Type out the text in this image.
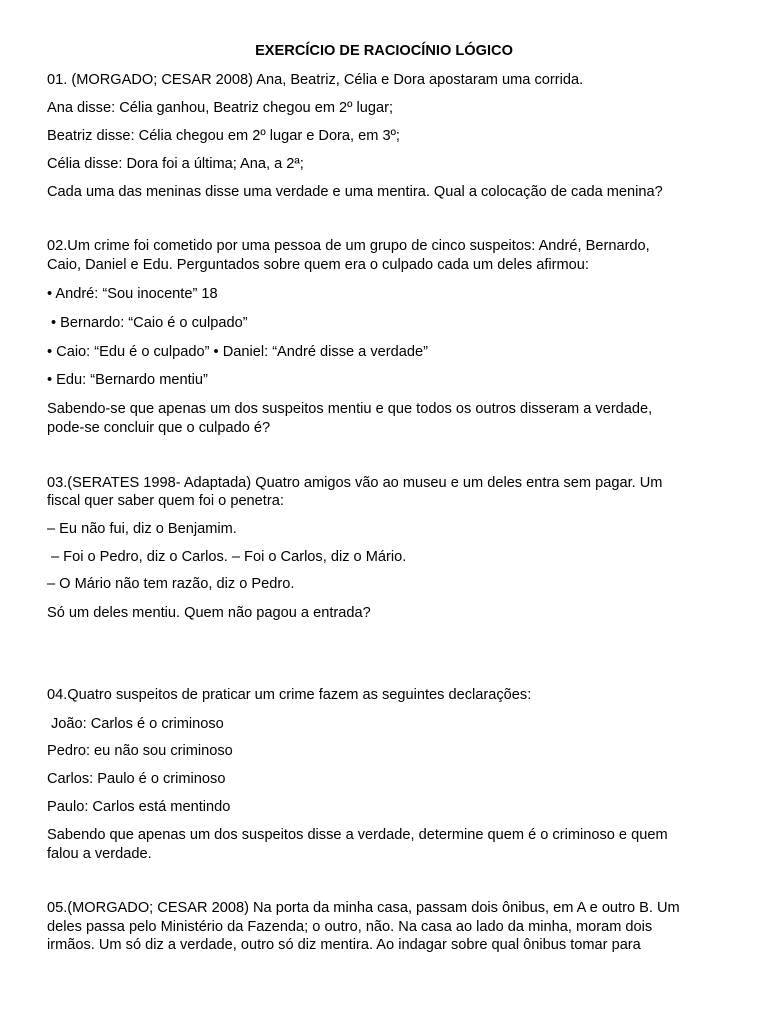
EXERCÍCIO DE RACIOCÍNIO LÓGICO

01. (MORGADO; CESAR 2008) Ana, Beatriz, Célia e Dora apostaram uma corrida.

Ana disse: Célia ganhou, Beatriz chegou em 2º lugar;

Beatriz disse: Célia chegou em 2º lugar e Dora, em 3º;

Célia disse: Dora foi a última; Ana, a 2ª;

Cada uma das meninas disse uma verdade e uma mentira. Qual a colocação de cada menina?

02.Um crime foi cometido por uma pessoa de um grupo de cinco suspeitos: André, Bernardo,

Caio, Daniel e Edu. Perguntados sobre quem era o culpado cada um deles afirmou:

• André: “Sou inocente” 18

• Bernardo: “Caio é o culpado”

• Caio: “Edu é o culpado” • Daniel: “André disse a verdade”

• Edu: “Bernardo mentiu”

Sabendo-se que apenas um dos suspeitos mentiu e que todos os outros disseram a verdade,

pode-se concluir que o culpado é?

03.(SERATES 1998- Adaptada) Quatro amigos vão ao museu e um deles entra sem pagar. Um

fiscal quer saber quem foi o penetra:

– Eu não fui, diz o Benjamim.

– Foi o Pedro, diz o Carlos. – Foi o Carlos, diz o Mário.

– O Mário não tem razão, diz o Pedro.

Só um deles mentiu. Quem não pagou a entrada?

04.Quatro suspeitos de praticar um crime fazem as seguintes declarações:

João: Carlos é o criminoso

Pedro: eu não sou criminoso

Carlos: Paulo é o criminoso

Paulo: Carlos está mentindo

Sabendo que apenas um dos suspeitos disse a verdade, determine quem é o criminoso e quem

falou a verdade.

05.(MORGADO; CESAR 2008) Na porta da minha casa, passam dois ônibus, em A e outro B. Um

deles passa pelo Ministério da Fazenda; o outro, não. Na casa ao lado da minha, moram dois

irmãos. Um só diz a verdade, outro só diz mentira. Ao indagar sobre qual ônibus tomar para
